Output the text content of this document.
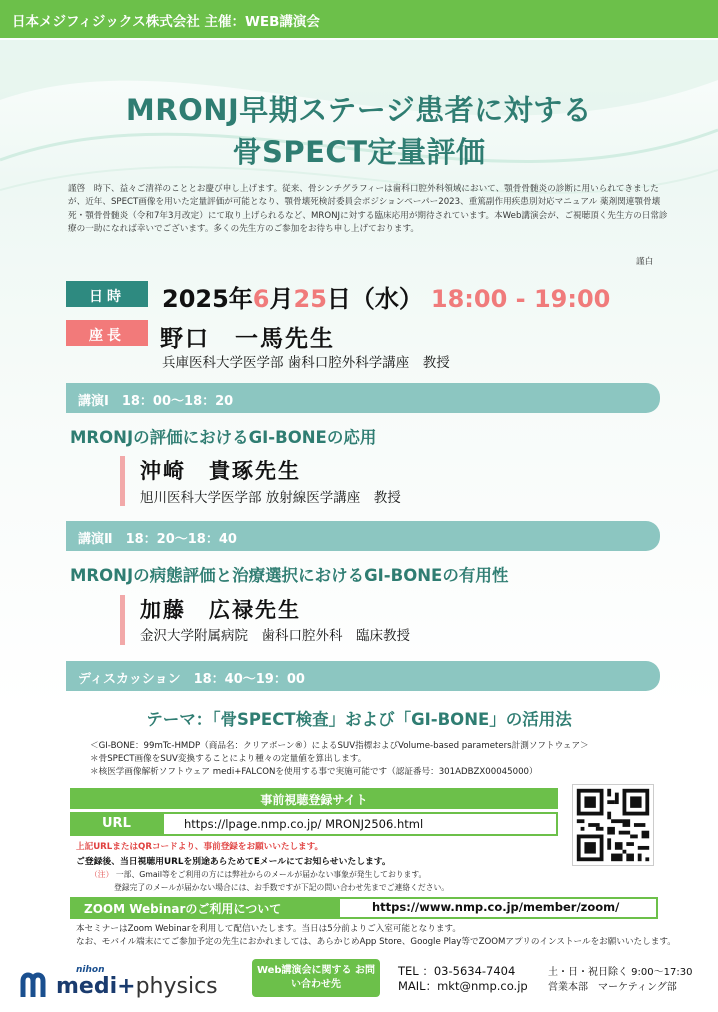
日本メジフィジックス株式会社 主催：WEB講演会
MRONJ早期ステージ患者に対する
骨SPECT定量評価
謹啓　時下、益々ご清祥のこととお慶び申し上げます。従来、骨シンチグラフィーは歯科口腔外科領域において、顎骨骨髄炎の診断に用いられてきましたが、近年、SPECT画像を用いた定量評価が可能となり、顎骨壊死検討委員会ポジションペーパー2023、重篤副作用疾患別対応マニュアル 薬剤関連顎骨壊死・顎骨骨髄炎（令和7年3月改定）にて取り上げられるなど、MRONJに対する臨床応用が期待されています。本Web講演会が、ご視聴頂く先生方の日常診療の一助になれば幸いでございます。多くの先生方のご参加をお待ち申し上げております。
謹白
日時	2025年6月25日（水） 18:00 - 19:00
座長	野口　一馬先生
兵庫医科大学医学部 歯科口腔外科学講座　教授
講演Ⅰ　18：00〜18：20
MRONJの評価におけるGI-BONEの応用
沖崎　貴琢先生
旭川医科大学医学部 放射線医学講座　教授
講演Ⅱ　18：20〜18：40
MRONJの病態評価と治療選択におけるGI-BONEの有用性
加藤　広禄先生
金沢大学附属病院　歯科口腔外科　臨床教授
ディスカッション　18：40〜19：00
テーマ：「骨SPECT検査」および「GI-BONE」の活用法
＜GI-BONE：99mTc-HMDP（商品名：クリアボーン®）によるSUV指標およびVolume-based parameters計測ソフトウェア＞
＊骨SPECT画像をSUV変換することにより種々の定量値を算出します。
＊核医学画像解析ソフトウェア medi+FALCONを使用する事で実施可能です（認証番号：301ADBZX00045000）
事前視聴登録サイト
URL	https://lpage.nmp.co.jp/ MRONJ2506.html
上記URLまたはQRコードより、事前登録をお願いいたします。
ご登録後、当日視聴用URLを別途あらためてEメールにてお知らせいたします。
（注） 一部、Gmail等をご利用の方には弊社からのメールが届かない事象が発生しております。
登録完了のメールが届かない場合には、お手数ですが下記の問い合わせ先までご連絡ください。
ZOOM Webinarのご利用について	https://www.nmp.co.jp/member/zoom/
本セミナーはZoom Webinarを利用して配信いたします。当日は5分前よりご入室可能となります。
なお、モバイル端末にてご参加予定の先生におかれましては、あらかじめApp Store、Google Play等でZOOMアプリのインストールをお願いいたします。
nihon
medi+physics
Web講演会に関する お問い合わせ先
TEL ：03-5634-7404
MAIL：mkt@nmp.co.jp
土・日・祝日除く 9:00〜17:30
営業本部　マーケティング部
